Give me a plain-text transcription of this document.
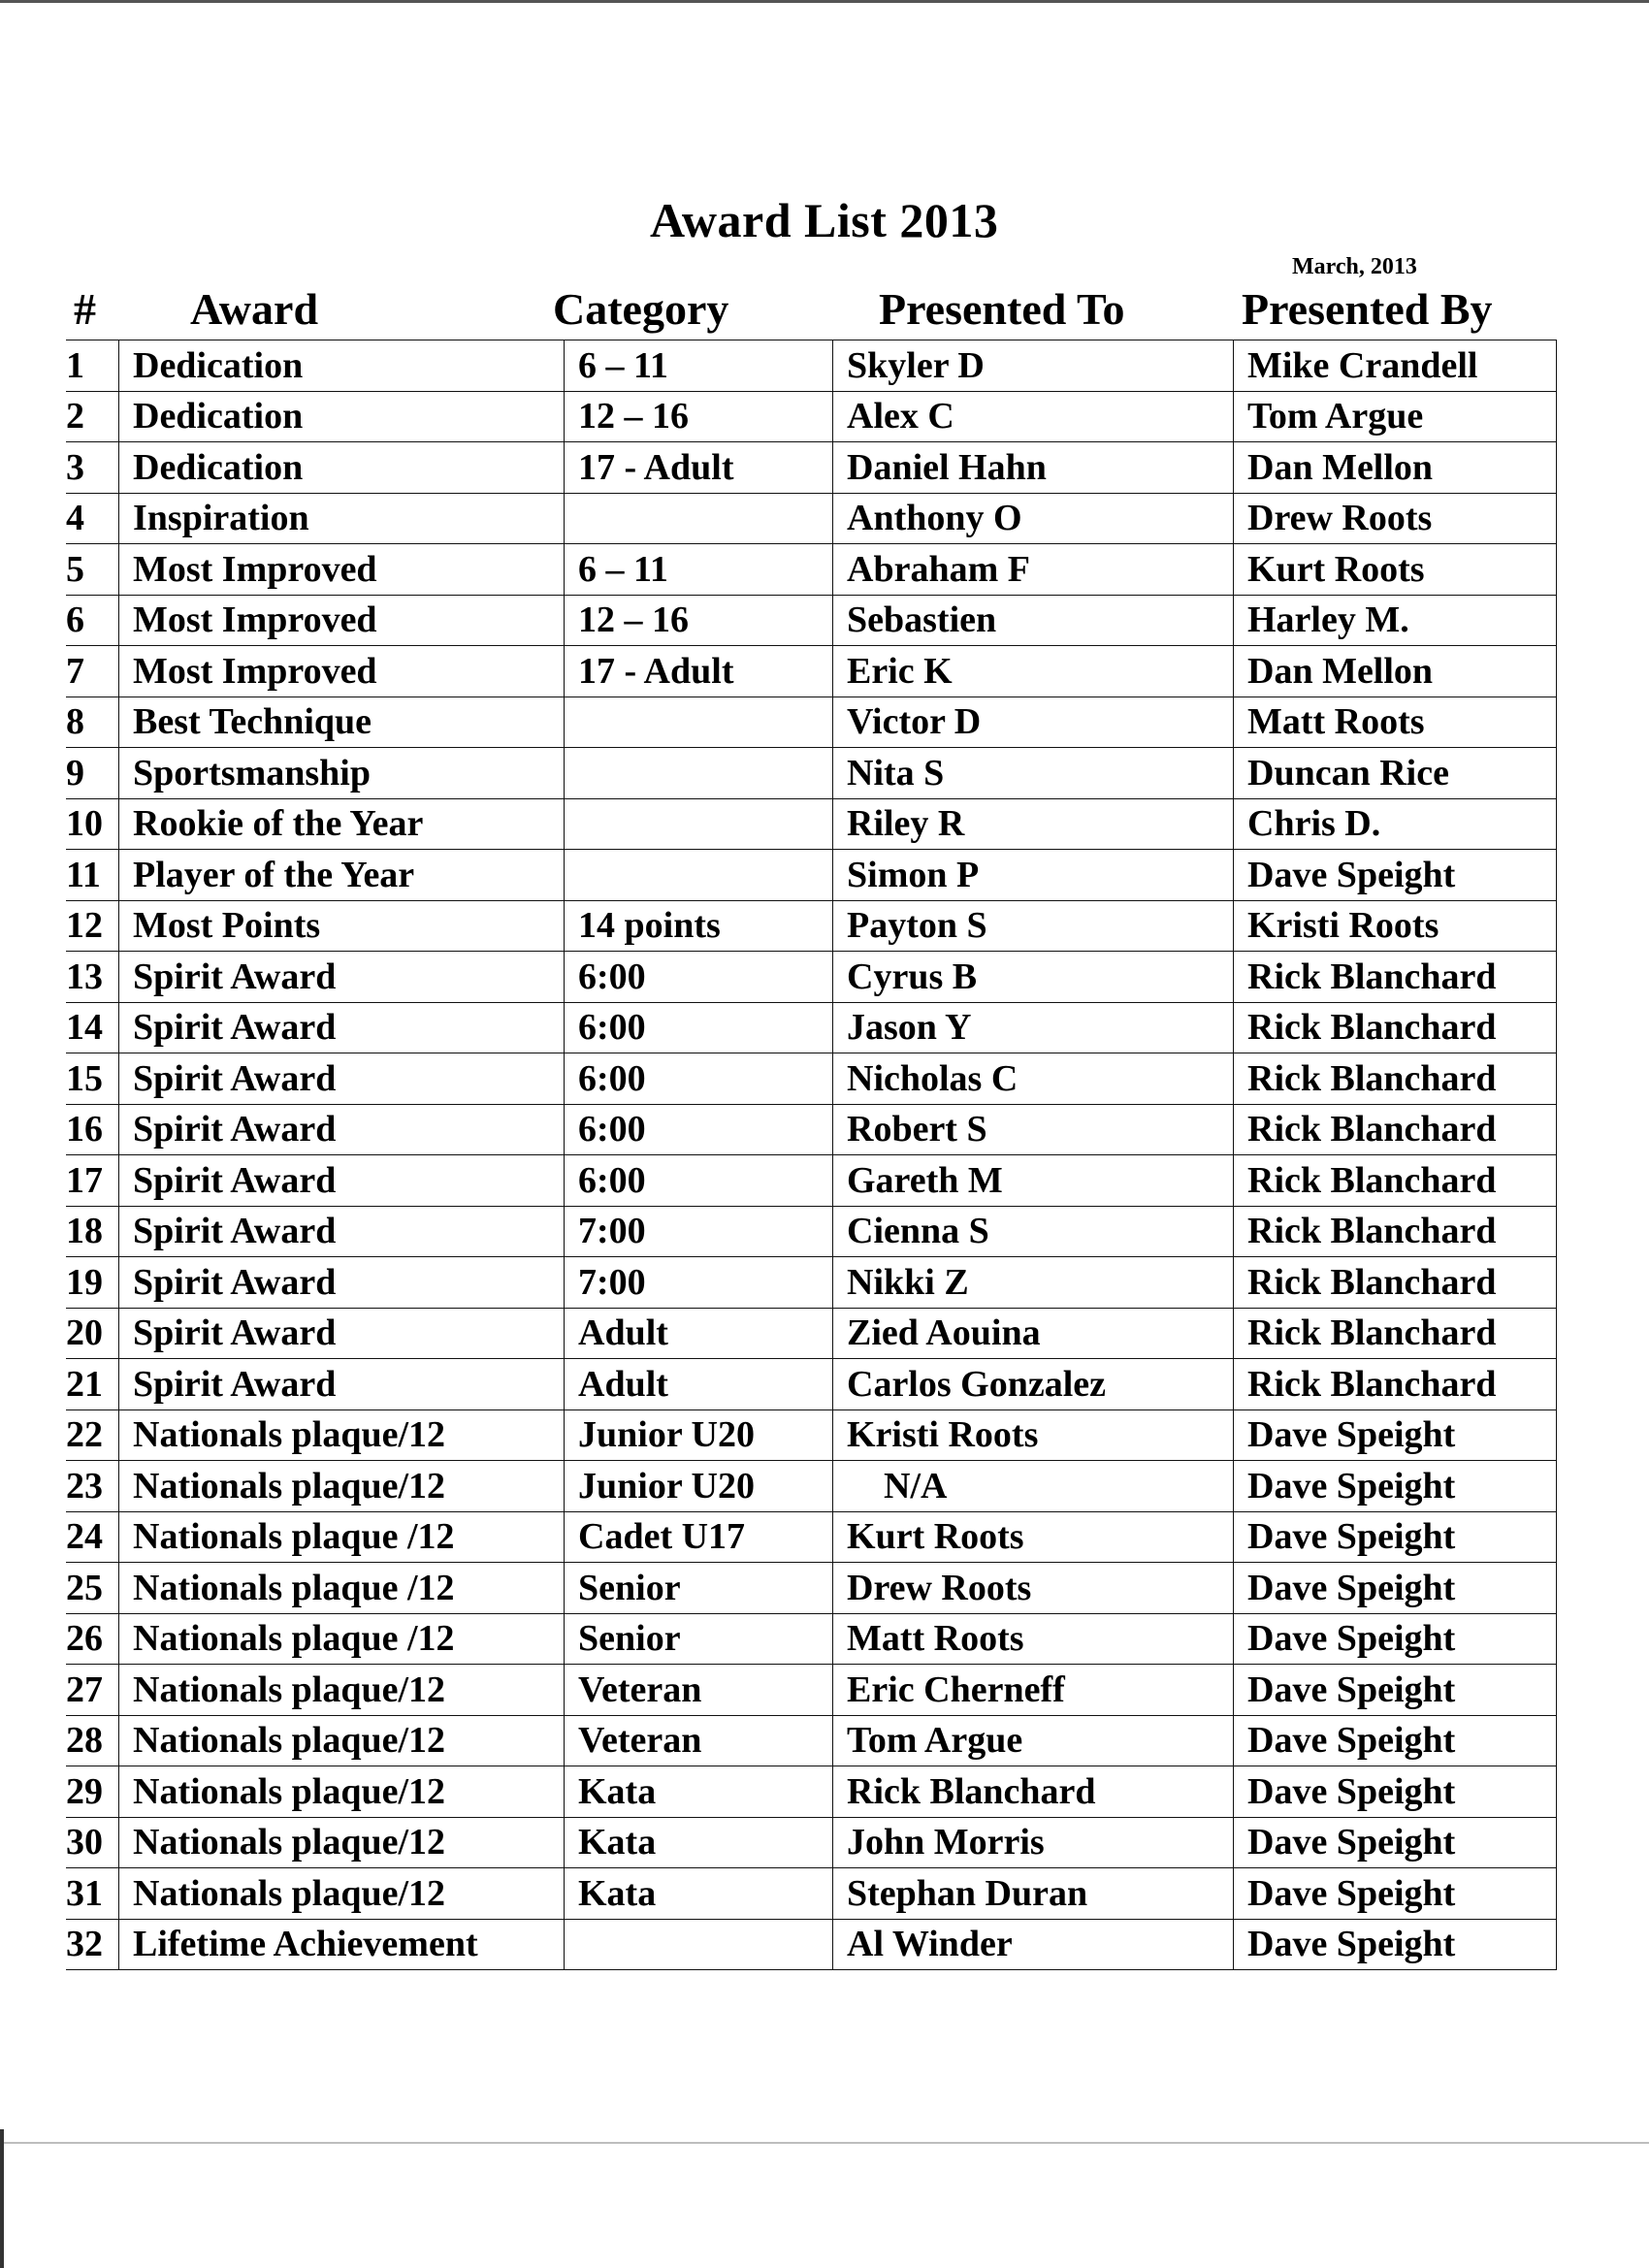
Award List 2013
March, 2013
# Award	Category	Presented To	Presented By
1	Dedication	6 – 11	Skyler D	Mike Crandell
2	Dedication	12 – 16	Alex C	Tom Argue
3	Dedication	17 - Adult	Daniel Hahn	Dan Mellon
4	Inspiration		Anthony O	Drew Roots
5	Most Improved	6 – 11	Abraham F	Kurt Roots
6	Most Improved	12 – 16	Sebastien	Harley M.
7	Most Improved	17 - Adult	Eric K	Dan Mellon
8	Best Technique		Victor D	Matt Roots
9	Sportsmanship		Nita S	Duncan Rice
10	Rookie of the Year		Riley R	Chris D.
11	Player of the Year		Simon P	Dave Speight
12	Most Points	14 points	Payton S	Kristi Roots
13	Spirit Award	6:00	Cyrus B	Rick Blanchard
14	Spirit Award	6:00	Jason Y	Rick Blanchard
15	Spirit Award	6:00	Nicholas C	Rick Blanchard
16	Spirit Award	6:00	Robert S	Rick Blanchard
17	Spirit Award	6:00	Gareth M	Rick Blanchard
18	Spirit Award	7:00	Cienna S	Rick Blanchard
19	Spirit Award	7:00	Nikki Z	Rick Blanchard
20	Spirit Award	Adult	Zied Aouina	Rick Blanchard
21	Spirit Award	Adult	Carlos Gonzalez	Rick Blanchard
22	Nationals plaque/12	Junior U20	Kristi Roots	Dave Speight
23	Nationals plaque/12	Junior U20	N/A	Dave Speight
24	Nationals plaque /12	Cadet U17	Kurt Roots	Dave Speight
25	Nationals plaque /12	Senior	Drew Roots	Dave Speight
26	Nationals plaque /12	Senior	Matt Roots	Dave Speight
27	Nationals plaque/12	Veteran	Eric Cherneff	Dave Speight
28	Nationals plaque/12	Veteran	Tom Argue	Dave Speight
29	Nationals plaque/12	Kata	Rick Blanchard	Dave Speight
30	Nationals plaque/12	Kata	John Morris	Dave Speight
31	Nationals plaque/12	Kata	Stephan Duran	Dave Speight
32	Lifetime Achievement		Al Winder	Dave Speight
